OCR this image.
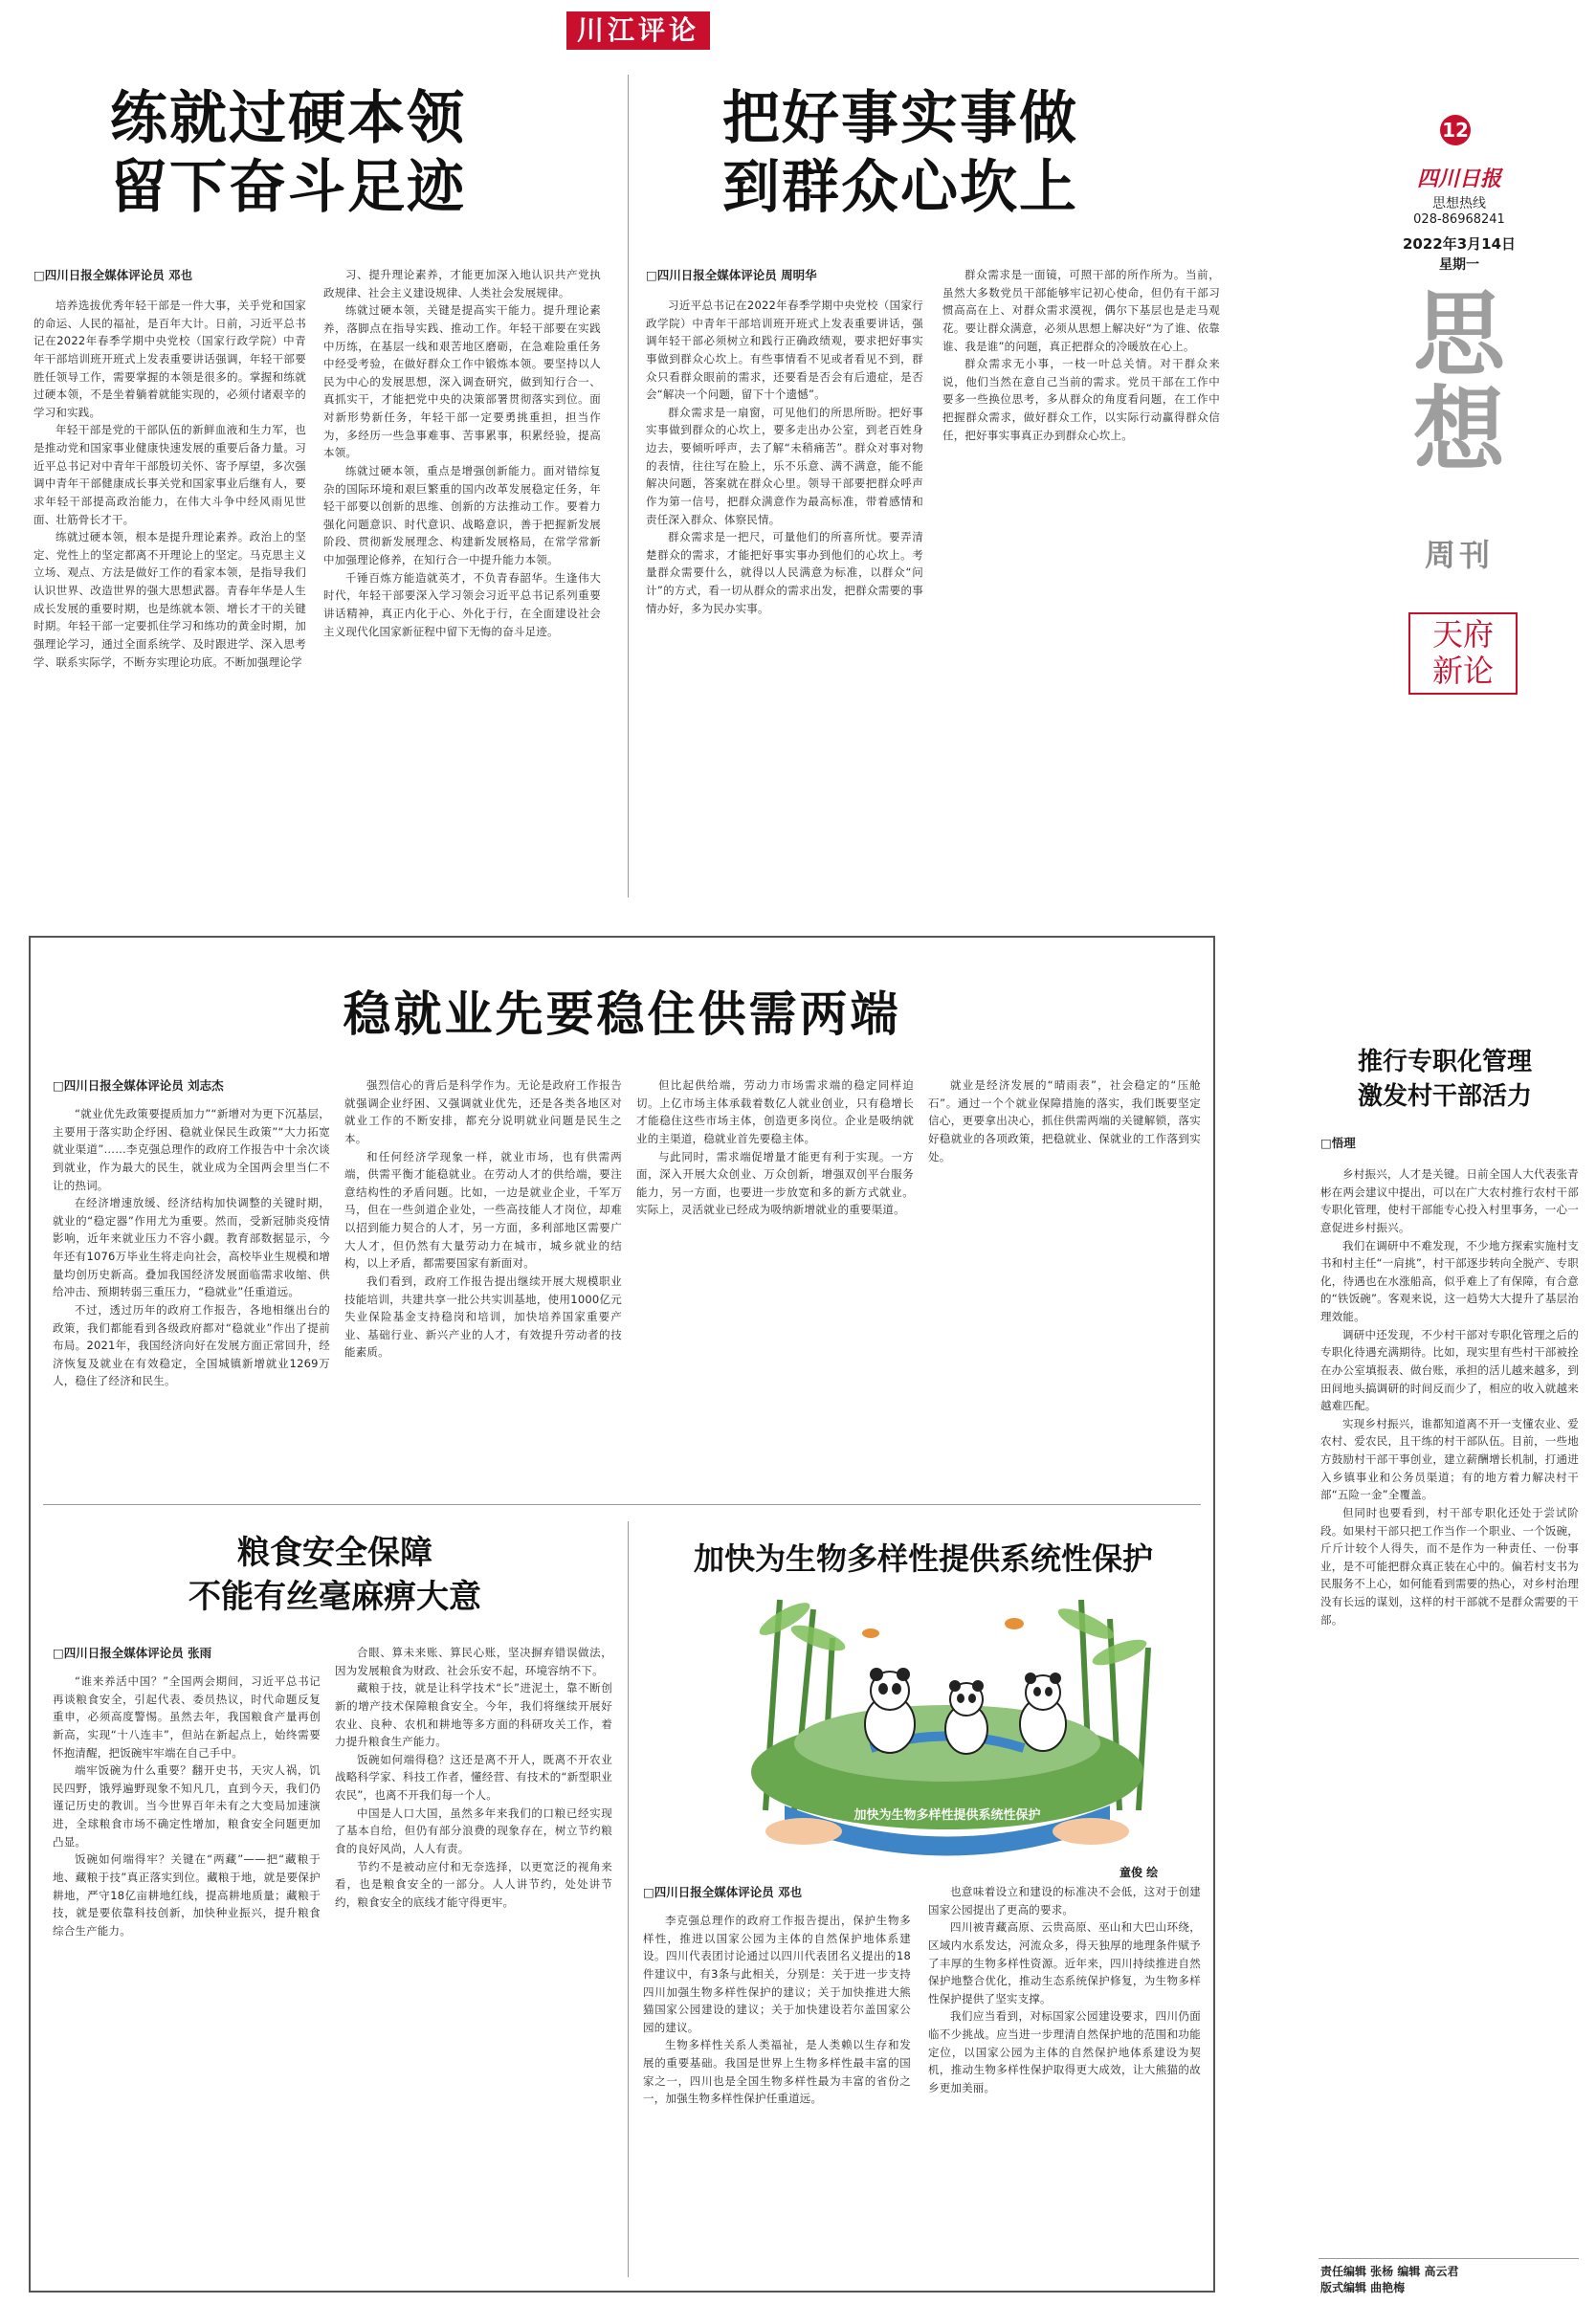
川江评论
练就过硬本领
留下奋斗足迹
□四川日报全媒体评论员 邓也

培养选拔优秀年轻干部是一件大事，关乎党和国家的命运、人民的福祉，是百年大计。日前，习近平总书记在2022年春季学期中央党校（国家行政学院）中青年干部培训班开班式上发表重要讲话强调，年轻干部要胜任领导工作，需要掌握的本领是很多的。掌握和练就过硬本领，不是坐着躺着就能实现的，必须付诸艰辛的学习和实践。

年轻干部是党的干部队伍的新鲜血液和生力军，也是推动党和国家事业健康快速发展的重要后备力量。习近平总书记对中青年干部殷切关怀、寄予厚望，多次强调中青年干部健康成长事关党和国家事业后继有人，要求年轻干部提高政治能力，在伟大斗争中经风雨见世面、壮筋骨长才干。

练就过硬本领，根本是提升理论素养。政治上的坚定、党性上的坚定都离不开理论上的坚定。马克思主义立场、观点、方法是做好工作的看家本领，是指导我们认识世界、改造世界的强大思想武器。青春年华是人生成长发展的重要时期，也是练就本领、增长才干的关键时期。年轻干部一定要抓住学习和练功的黄金时期，加强理论学习，通过全面系统学、及时跟进学、深入思考学、联系实际学，不断夯实理论功底。不断加强理论学

习、提升理论素养，才能更加深入地认识共产党执政规律、社会主义建设规律、人类社会发展规律。

练就过硬本领，关键是提高实干能力。提升理论素养，落脚点在指导实践、推动工作。年轻干部要在实践中历练，在基层一线和艰苦地区磨砺，在急难险重任务中经受考验，在做好群众工作中锻炼本领。要坚持以人民为中心的发展思想，深入调查研究，做到知行合一、真抓实干，才能把党中央的决策部署贯彻落实到位。面对新形势新任务，年轻干部一定要勇挑重担，担当作为，多经历一些急事难事、苦事累事，积累经验，提高本领。

练就过硬本领，重点是增强创新能力。面对错综复杂的国际环境和艰巨繁重的国内改革发展稳定任务，年轻干部要以创新的思维、创新的方法推动工作。要着力强化问题意识、时代意识、战略意识，善于把握新发展阶段、贯彻新发展理念、构建新发展格局，在常学常新中加强理论修养，在知行合一中提升能力本领。

千锤百炼方能造就英才，不负青春韶华。生逢伟大时代，年轻干部要深入学习领会习近平总书记系列重要讲话精神，真正内化于心、外化于行，在全面建设社会主义现代化国家新征程中留下无悔的奋斗足迹。

把好事实事做
到群众心坎上
□四川日报全媒体评论员 周明华

习近平总书记在2022年春季学期中央党校（国家行政学院）中青年干部培训班开班式上发表重要讲话，强调年轻干部必须树立和践行正确政绩观，要求把好事实事做到群众心坎上。有些事情看不见或者看见不到，群众只看群众眼前的需求，还要看是否会有后遗症，是否会“解决一个问题，留下十个遗憾”。

群众需求是一扇窗，可见他们的所思所盼。把好事实事做到群众的心坎上，要多走出办公室，到老百姓身边去，要倾听呼声，去了解“未稍痛苦”。群众对事对物的表情，往往写在脸上，乐不乐意、满不满意，能不能解决问题，答案就在群众心里。领导干部要把群众呼声作为第一信号，把群众满意作为最高标准，带着感情和责任深入群众、体察民情。

群众需求是一把尺，可量他们的所喜所忧。要弄清楚群众的需求，才能把好事实事办到他们的心坎上。考量群众需要什么，就得以人民满意为标准，以群众“问计”的方式，看一切从群众的需求出发，把群众需要的事情办好，多为民办实事。

群众需求是一面镜，可照干部的所作所为。当前，虽然大多数党员干部能够牢记初心使命，但仍有干部习惯高高在上、对群众需求漠视，偶尔下基层也是走马观花。要让群众满意，必须从思想上解决好“为了谁、依靠谁、我是谁”的问题，真正把群众的冷暖放在心上。

群众需求无小事，一枝一叶总关情。对干群众来说，他们当然在意自己当前的需求。党员干部在工作中要多一些换位思考，多从群众的角度看问题，在工作中把握群众需求，做好群众工作，以实际行动赢得群众信任，把好事实事真正办到群众心坎上。

12
四川日报
思想热线
028-86968241
2022年3月14日
星期一
思想
周刊
天府
新论
稳就业先要稳住供需两端
□四川日报全媒体评论员 刘志杰

“就业优先政策要提质加力”“新增对为更下沉基层，主要用于落实助企纾困、稳就业保民生政策”“大力拓宽就业渠道”……李克强总理作的政府工作报告中十余次谈到就业，作为最大的民生，就业成为全国两会里当仁不让的热词。

在经济增速放缓、经济结构加快调整的关键时期，就业的“稳定器”作用尤为重要。然而，受新冠肺炎疫情影响，近年来就业压力不容小觑。教育部数据显示，今年还有1076万毕业生将走向社会，高校毕业生规模和增量均创历史新高。叠加我国经济发展面临需求收缩、供给冲击、预期转弱三重压力，“稳就业”任重道远。

不过，透过历年的政府工作报告，各地相继出台的政策，我们都能看到各级政府都对“稳就业”作出了提前布局。2021年，我国经济向好在发展方面正常回升，经济恢复及就业在有效稳定，全国城镇新增就业1269万人，稳住了经济和民生。

强烈信心的背后是科学作为。无论是政府工作报告就强调企业纾困、又强调就业优先，还是各类各地区对就业工作的不断安排，都充分说明就业问题是民生之本。

和任何经济学现象一样，就业市场，也有供需两端，供需平衡才能稳就业。在劳动人才的供给端，要注意结构性的矛盾问题。比如，一边是就业企业，千军万马，但在一些剑道企业处，一些高技能人才岗位，却难以招到能力契合的人才，另一方面，多利部地区需要广大人才，但仍然有大量劳动力在城市，城乡就业的结构，以上矛盾，都需要国家有新面对。

我们看到，政府工作报告提出继续开展大规模职业技能培训，共建共享一批公共实训基地，使用1000亿元失业保险基金支持稳岗和培训，加快培养国家重要产业、基础行业、新兴产业的人才，有效提升劳动者的技能素质。

但比起供给端，劳动力市场需求端的稳定同样迫切。上亿市场主体承载着数亿人就业创业，只有稳增长才能稳住这些市场主体，创造更多岗位。企业是吸纳就业的主渠道，稳就业首先要稳主体。

与此同时，需求端促增量才能更有利于实现。一方面，深入开展大众创业、万众创新，增强双创平台服务能力，另一方面，也要进一步放宽和多的新方式就业。实际上，灵活就业已经成为吸纳新增就业的重要渠道。

就业是经济发展的“晴雨表”，社会稳定的“压舱石”。通过一个个就业保障措施的落实，我们既要坚定信心，更要拿出决心，抓住供需两端的关键解锁，落实好稳就业的各项政策，把稳就业、保就业的工作落到实处。

粮食安全保障
不能有丝毫麻痹大意
□四川日报全媒体评论员 张雨

“谁来养活中国？”全国两会期间，习近平总书记再谈粮食安全，引起代表、委员热议，时代命题反复重申，必须高度警惕。虽然去年，我国粮食产量再创新高，实现“十八连丰”，但站在新起点上，始终需要怀抱清醒，把饭碗牢牢端在自己手中。

端牢饭碗为什么重要？翻开史书，天灾人祸，饥民四野，饿殍遍野现象不知凡几，直到今天，我们仍谨记历史的教训。当今世界百年未有之大变局加速演进，全球粮食市场不确定性增加，粮食安全问题更加凸显。

饭碗如何端得牢？关键在“两藏”——把“藏粮于地、藏粮于技”真正落实到位。藏粮于地，就是要保护耕地，严守18亿亩耕地红线，提高耕地质量；藏粮于技，就是要依靠科技创新，加快种业振兴，提升粮食综合生产能力。

合眼、算未来账、算民心账，坚决摒弃错误做法，因为发展粮食为财政、社会乐安不起，环境容纳不下。

藏粮于技，就是让科学技术“长”进泥土，靠不断创新的增产技术保障粮食安全。今年，我们将继续开展好农业、良种、农机和耕地等多方面的科研攻关工作，着力提升粮食生产能力。

饭碗如何端得稳？这还是离不开人，既离不开农业战略科学家、科技工作者，懂经营、有技术的“新型职业农民”，也离不开我们每一个人。

中国是人口大国，虽然多年来我们的口粮已经实现了基本自给，但仍有部分浪费的现象存在，树立节约粮食的良好风尚，人人有责。

节约不是被动应付和无奈选择，以更宽泛的视角来看，也是粮食安全的一部分。人人讲节约，处处讲节约，粮食安全的底线才能守得更牢。

加快为生物多样性提供系统性保护
加快为生物多样性提供系统性保护
童俊 绘
□四川日报全媒体评论员 邓也

李克强总理作的政府工作报告提出，保护生物多样性，推进以国家公园为主体的自然保护地体系建设。四川代表团讨论通过以四川代表团名义提出的18件建议中，有3条与此相关，分别是：关于进一步支持四川加强生物多样性保护的建议；关于加快推进大熊猫国家公园建设的建议；关于加快建设若尔盖国家公园的建议。

生物多样性关系人类福祉，是人类赖以生存和发展的重要基础。我国是世界上生物多样性最丰富的国家之一，四川也是全国生物多样性最为丰富的省份之一，加强生物多样性保护任重道远。

也意味着设立和建设的标准决不会低，这对于创建国家公园提出了更高的要求。

四川被青藏高原、云贵高原、巫山和大巴山环绕，区域内水系发达，河流众多，得天独厚的地理条件赋予了丰厚的生物多样性资源。近年来，四川持续推进自然保护地整合优化，推动生态系统保护修复，为生物多样性保护提供了坚实支撑。

我们应当看到，对标国家公园建设要求，四川仍面临不少挑战。应当进一步理清自然保护地的范围和功能定位，以国家公园为主体的自然保护地体系建设为契机，推动生物多样性保护取得更大成效，让大熊猫的故乡更加美丽。

推行专职化管理
激发村干部活力
□悟理

乡村振兴，人才是关键。日前全国人大代表张青彬在两会建议中提出，可以在广大农村推行农村干部专职化管理，使村干部能专心投入村里事务，一心一意促进乡村振兴。

我们在调研中不难发现，不少地方探索实施村支书和村主任“一肩挑”，村干部逐步转向全脱产、专职化，待遇也在水涨船高，似乎难上了有保障，有合意的“铁饭碗”。客观来说，这一趋势大大提升了基层治理效能。

调研中还发现，不少村干部对专职化管理之后的专职化待遇充满期待。比如，现实里有些村干部被拴在办公室填报表、做台账，承担的活儿越来越多，到田间地头搞调研的时间反而少了，相应的收入就越来越难匹配。

实现乡村振兴，谁都知道离不开一支懂农业、爱农村、爱农民，且干练的村干部队伍。目前，一些地方鼓励村干部干事创业，建立薪酬增长机制，打通进入乡镇事业和公务员渠道；有的地方着力解决村干部“五险一金”全覆盖。

但同时也要看到，村干部专职化还处于尝试阶段。如果村干部只把工作当作一个职业、一个饭碗，斤斤计较个人得失，而不是作为一种责任、一份事业，是不可能把群众真正装在心中的。偏若村支书为民服务不上心，如何能看到需要的热心，对乡村治理没有长远的谋划，这样的村干部就不是群众需要的干部。

责任编辑 张杨 编辑 高云君
版式编辑 曲艳梅
